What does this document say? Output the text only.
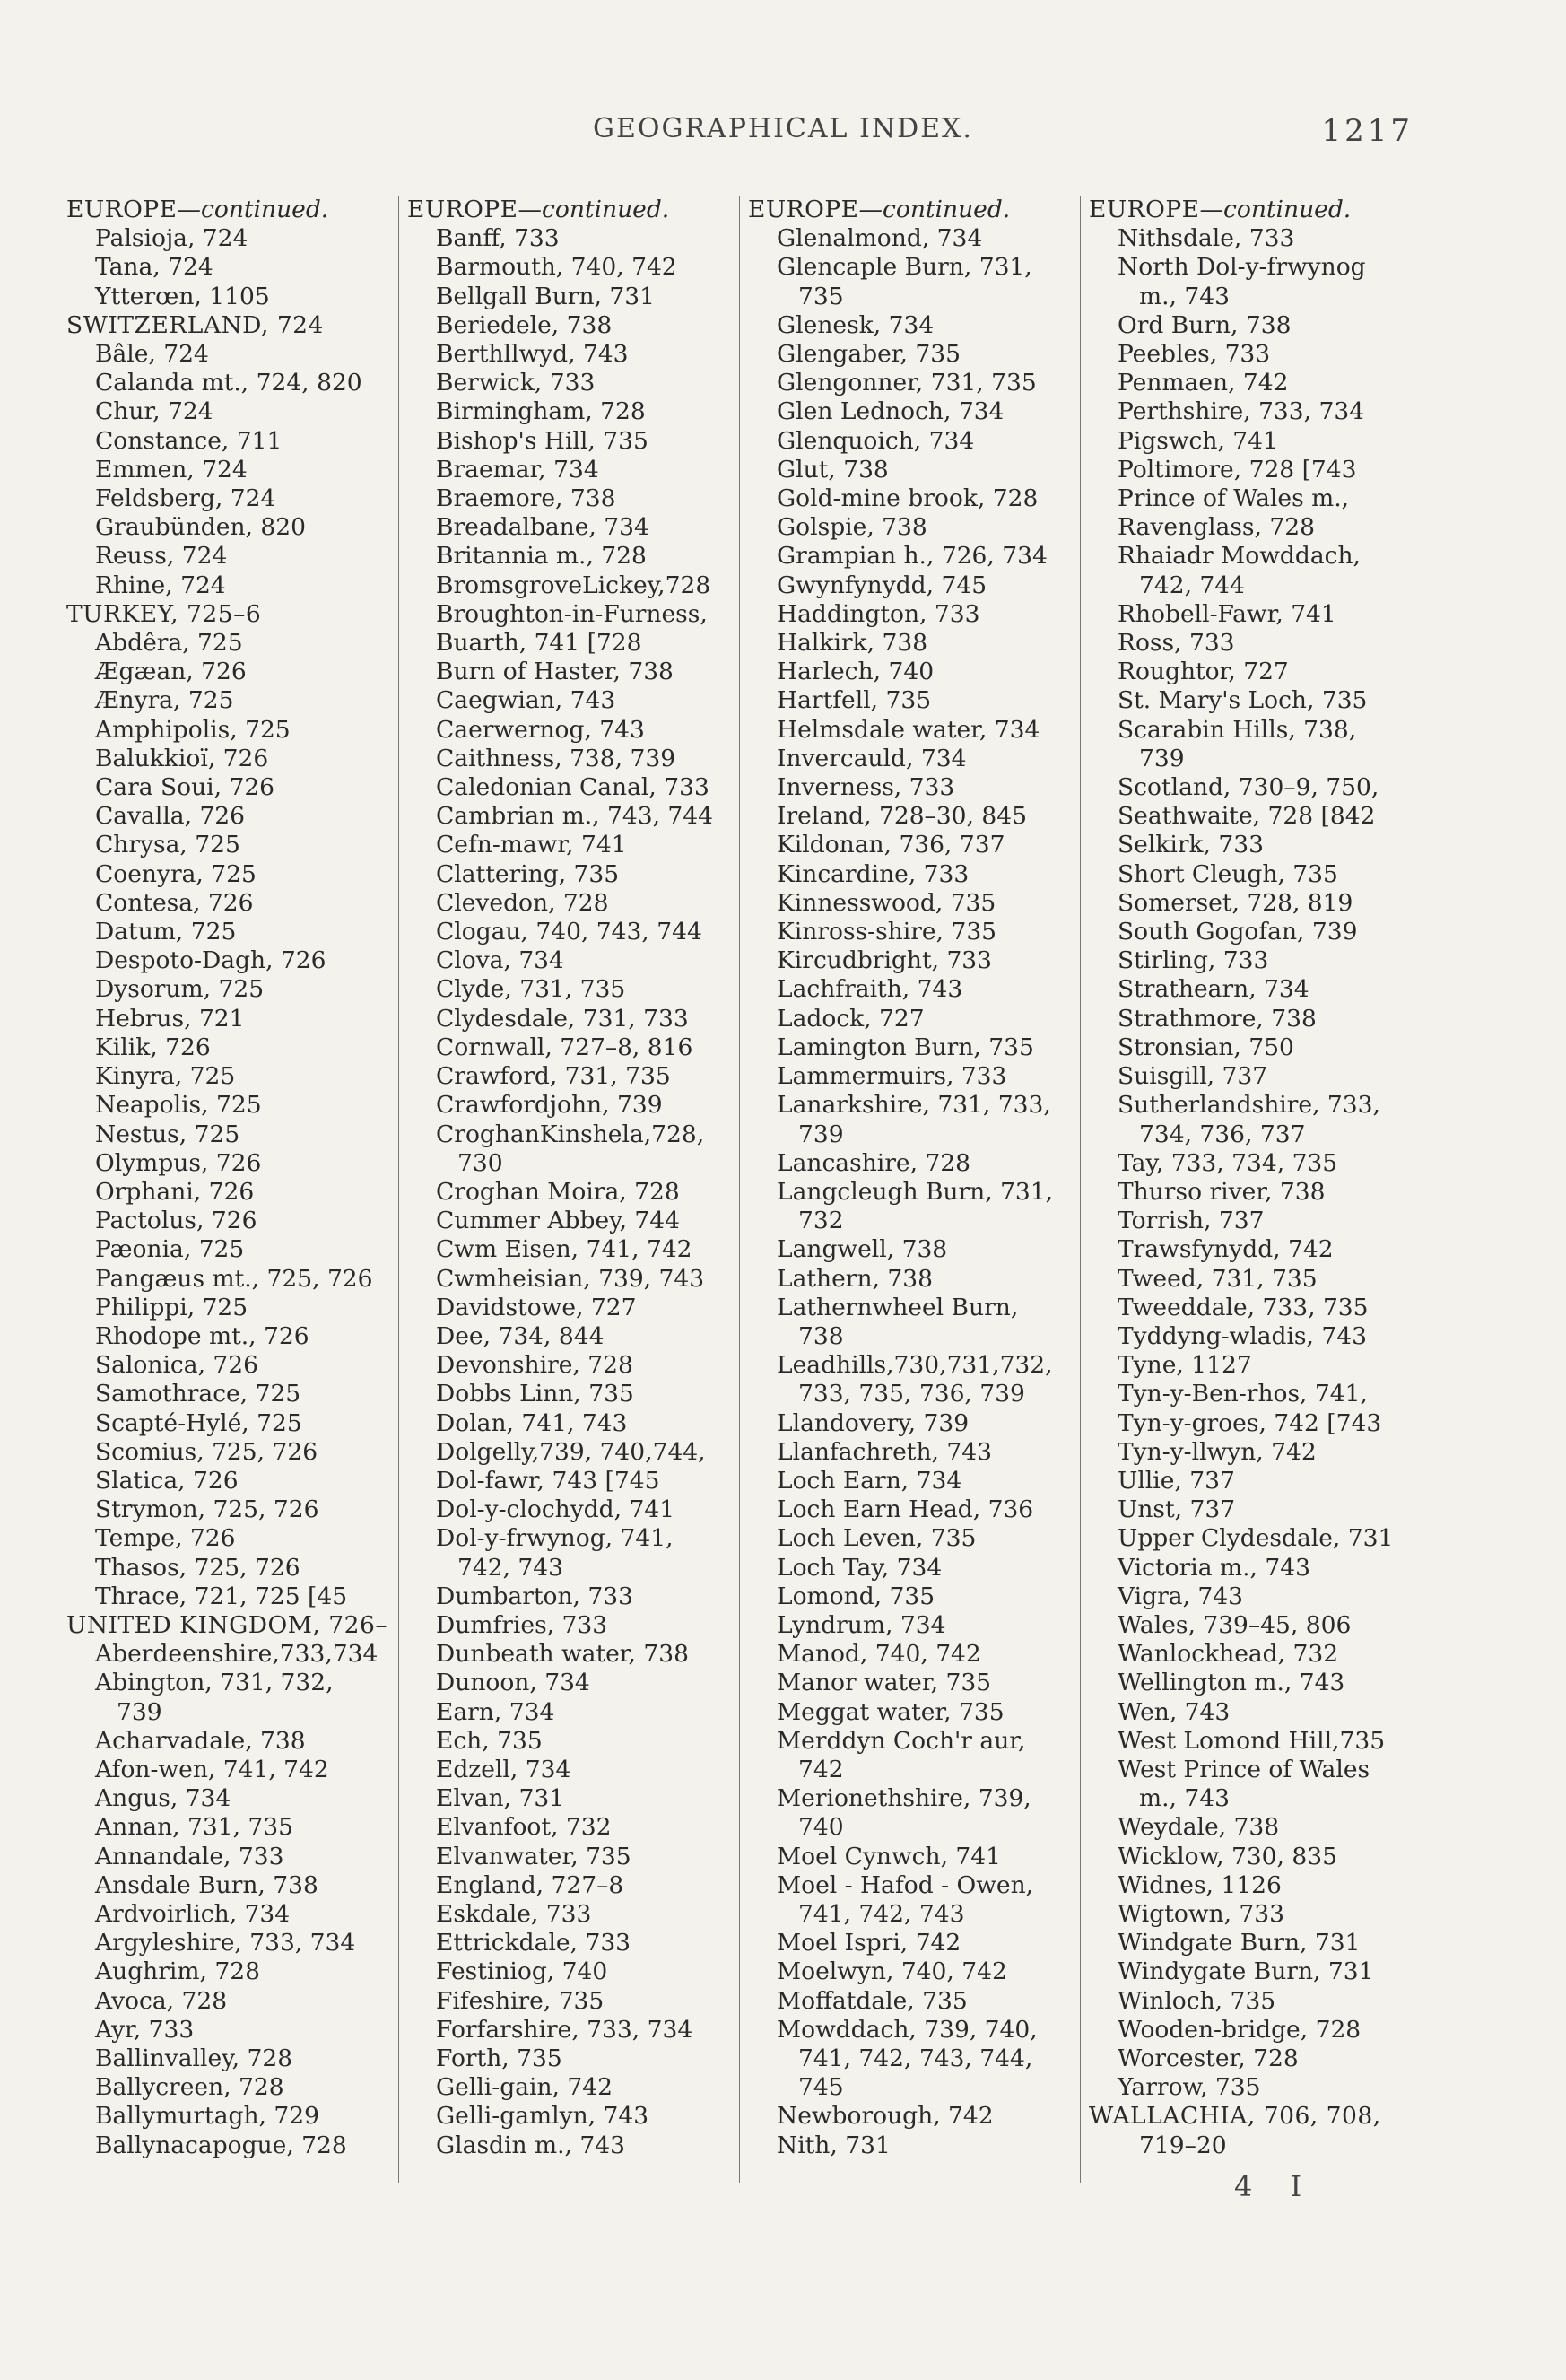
GEOGRAPHICAL INDEX.	1217
EUROPE—continued.
Palsioja, 724
Tana, 724
Ytterœn, 1105
SWITZERLAND, 724
Bâle, 724
Calanda mt., 724, 820
Chur, 724
Constance, 711
Emmen, 724
Feldsberg, 724
Graubünden, 820
Reuss, 724
Rhine, 724
TURKEY, 725–6
Abdêra, 725
Ægæan, 726
Ænyra, 725
Amphipolis, 725
Balukkioï, 726
Cara Soui, 726
Cavalla, 726
Chrysa, 725
Coenyra, 725
Contesa, 726
Datum, 725
Despoto-Dagh, 726
Dysorum, 725
Hebrus, 721
Kilik, 726
Kinyra, 725
Neapolis, 725
Nestus, 725
Olympus, 726
Orphani, 726
Pactolus, 726
Pæonia, 725
Pangæus mt., 725, 726
Philippi, 725
Rhodope mt., 726
Salonica, 726
Samothrace, 725
Scapté-Hylé, 725
Scomius, 725, 726
Slatica, 726
Strymon, 725, 726
Tempe, 726
Thasos, 725, 726
Thrace, 721, 725 [45
UNITED KINGDOM, 726–
Aberdeenshire,733,734
Abington, 731, 732,
739
Acharvadale, 738
Afon-wen, 741, 742
Angus, 734
Annan, 731, 735
Annandale, 733
Ansdale Burn, 738
Ardvoirlich, 734
Argyleshire, 733, 734
Aughrim, 728
Avoca, 728
Ayr, 733
Ballinvalley, 728
Ballycreen, 728
Ballymurtagh, 729
Ballynacapogue, 728
EUROPE—continued.
Banff, 733
Barmouth, 740, 742
Bellgall Burn, 731
Beriedele, 738
Berthllwyd, 743
Berwick, 733
Birmingham, 728
Bishop's Hill, 735
Braemar, 734
Braemore, 738
Breadalbane, 734
Britannia m., 728
BromsgroveLickey,728
Broughton-in-Furness,
Buarth, 741 [728
Burn of Haster, 738
Caegwian, 743
Caerwernog, 743
Caithness, 738, 739
Caledonian Canal, 733
Cambrian m., 743, 744
Cefn-mawr, 741
Clattering, 735
Clevedon, 728
Clogau, 740, 743, 744
Clova, 734
Clyde, 731, 735
Clydesdale, 731, 733
Cornwall, 727–8, 816
Crawford, 731, 735
Crawfordjohn, 739
CroghanKinshela,728,
730
Croghan Moira, 728
Cummer Abbey, 744
Cwm Eisen, 741, 742
Cwmheisian, 739, 743
Davidstowe, 727
Dee, 734, 844
Devonshire, 728
Dobbs Linn, 735
Dolan, 741, 743
Dolgelly,739, 740,744,
Dol-fawr, 743 [745
Dol-y-clochydd, 741
Dol-y-frwynog, 741,
742, 743
Dumbarton, 733
Dumfries, 733
Dunbeath water, 738
Dunoon, 734
Earn, 734
Ech, 735
Edzell, 734
Elvan, 731
Elvanfoot, 732
Elvanwater, 735
England, 727–8
Eskdale, 733
Ettrickdale, 733
Festiniog, 740
Fifeshire, 735
Forfarshire, 733, 734
Forth, 735
Gelli-gain, 742
Gelli-gamlyn, 743
Glasdin m., 743
EUROPE—continued.
Glenalmond, 734
Glencaple Burn, 731,
735
Glenesk, 734
Glengaber, 735
Glengonner, 731, 735
Glen Lednoch, 734
Glenquoich, 734
Glut, 738
Gold-mine brook, 728
Golspie, 738
Grampian h., 726, 734
Gwynfynydd, 745
Haddington, 733
Halkirk, 738
Harlech, 740
Hartfell, 735
Helmsdale water, 734
Invercauld, 734
Inverness, 733
Ireland, 728–30, 845
Kildonan, 736, 737
Kincardine, 733
Kinnesswood, 735
Kinross-shire, 735
Kircudbright, 733
Lachfraith, 743
Ladock, 727
Lamington Burn, 735
Lammermuirs, 733
Lanarkshire, 731, 733,
739
Lancashire, 728
Langcleugh Burn, 731,
732
Langwell, 738
Lathern, 738
Lathernwheel Burn,
738
Leadhills,730,731,732,
733, 735, 736, 739
Llandovery, 739
Llanfachreth, 743
Loch Earn, 734
Loch Earn Head, 736
Loch Leven, 735
Loch Tay, 734
Lomond, 735
Lyndrum, 734
Manod, 740, 742
Manor water, 735
Meggat water, 735
Merddyn Coch'r aur,
742
Merionethshire, 739,
740
Moel Cynwch, 741
Moel - Hafod - Owen,
741, 742, 743
Moel Ispri, 742
Moelwyn, 740, 742
Moffatdale, 735
Mowddach, 739, 740,
741, 742, 743, 744,
745
Newborough, 742
Nith, 731
EUROPE—continued.
Nithsdale, 733
North Dol-y-frwynog
m., 743
Ord Burn, 738
Peebles, 733
Penmaen, 742
Perthshire, 733, 734
Pigswch, 741
Poltimore, 728 [743
Prince of Wales m.,
Ravenglass, 728
Rhaiadr Mowddach,
742, 744
Rhobell-Fawr, 741
Ross, 733
Roughtor, 727
St. Mary's Loch, 735
Scarabin Hills, 738,
739
Scotland, 730–9, 750,
Seathwaite, 728 [842
Selkirk, 733
Short Cleugh, 735
Somerset, 728, 819
South Gogofan, 739
Stirling, 733
Strathearn, 734
Strathmore, 738
Stronsian, 750
Suisgill, 737
Sutherlandshire, 733,
734, 736, 737
Tay, 733, 734, 735
Thurso river, 738
Torrish, 737
Trawsfynydd, 742
Tweed, 731, 735
Tweeddale, 733, 735
Tyddyng-wladis, 743
Tyne, 1127
Tyn-y-Ben-rhos, 741,
Tyn-y-groes, 742 [743
Tyn-y-llwyn, 742
Ullie, 737
Unst, 737
Upper Clydesdale, 731
Victoria m., 743
Vigra, 743
Wales, 739–45, 806
Wanlockhead, 732
Wellington m., 743
Wen, 743
West Lomond Hill,735
West Prince of Wales
m., 743
Weydale, 738
Wicklow, 730, 835
Widnes, 1126
Wigtown, 733
Windgate Burn, 731
Windygate Burn, 731
Winloch, 735
Wooden-bridge, 728
Worcester, 728
Yarrow, 735
WALLACHIA, 706, 708,
719–20
4 I
